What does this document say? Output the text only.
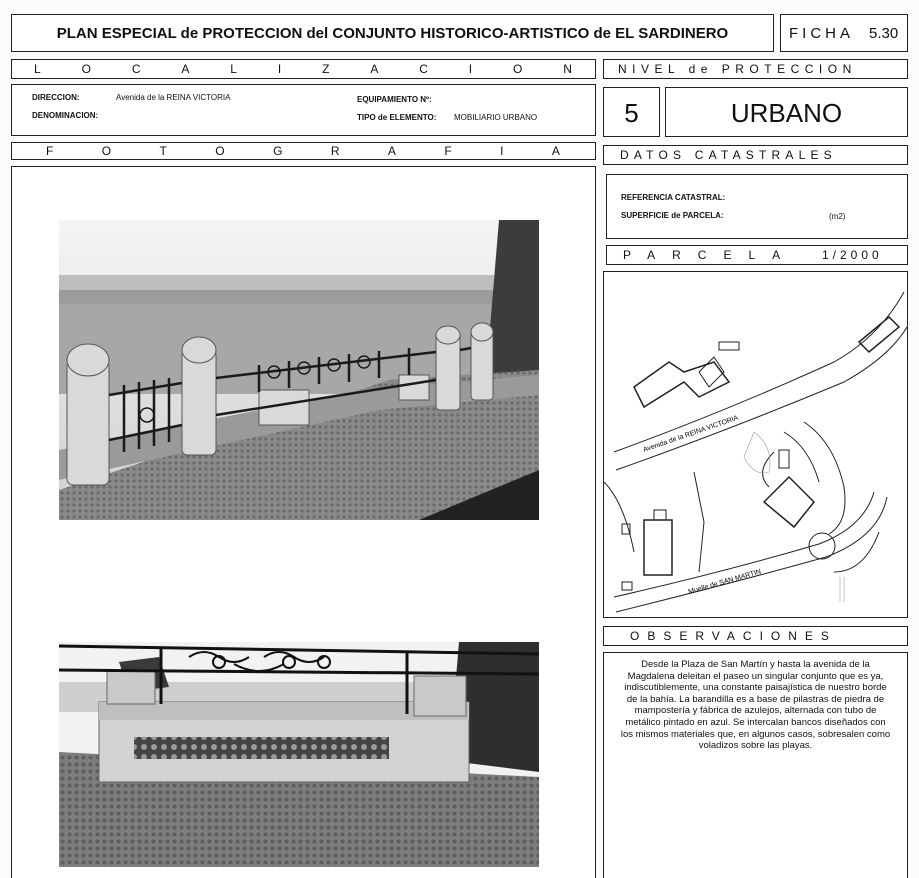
PLAN ESPECIAL de PROTECCION del CONJUNTO HISTORICO-ARTISTICO de EL SARDINERO	FICHA 5.30
L	O	C	A	L	I	Z	A	C	I	O	N
DIRECCION:	Avenida de la REINA VICTORIA
DENOMINACION:
EQUIPAMIENTO Nº:
TIPO de ELEMENTO: MOBILIARIO URBANO
F	O	T	O	G	R	A	F	I	A
NIVEL de PROTECCION
5	URBANO
DATOS CATASTRALES
REFERENCIA CATASTRAL:
SUPERFICIE de PARCELA:	(m2)
PARCELA 1/2000
Avenida de la REINA VICTORIA
Muelle de SAN MARTIN
OBSERVACIONES
Desde la Plaza de San Martín y hasta la avenida de la Magdalena deleitan el paseo un singular conjunto que es ya, indiscutiblemente, una constante paisajística de nuestro borde de la bahía. La barandilla es a base de pilastras de piedra de mampostería y fábrica de azulejos, alternada con tubo de metálico pintado en azul. Se intercalan bancos diseñados con los mismos materiales que, en algunos casos, sobresalen como voladizos sobre las playas.
